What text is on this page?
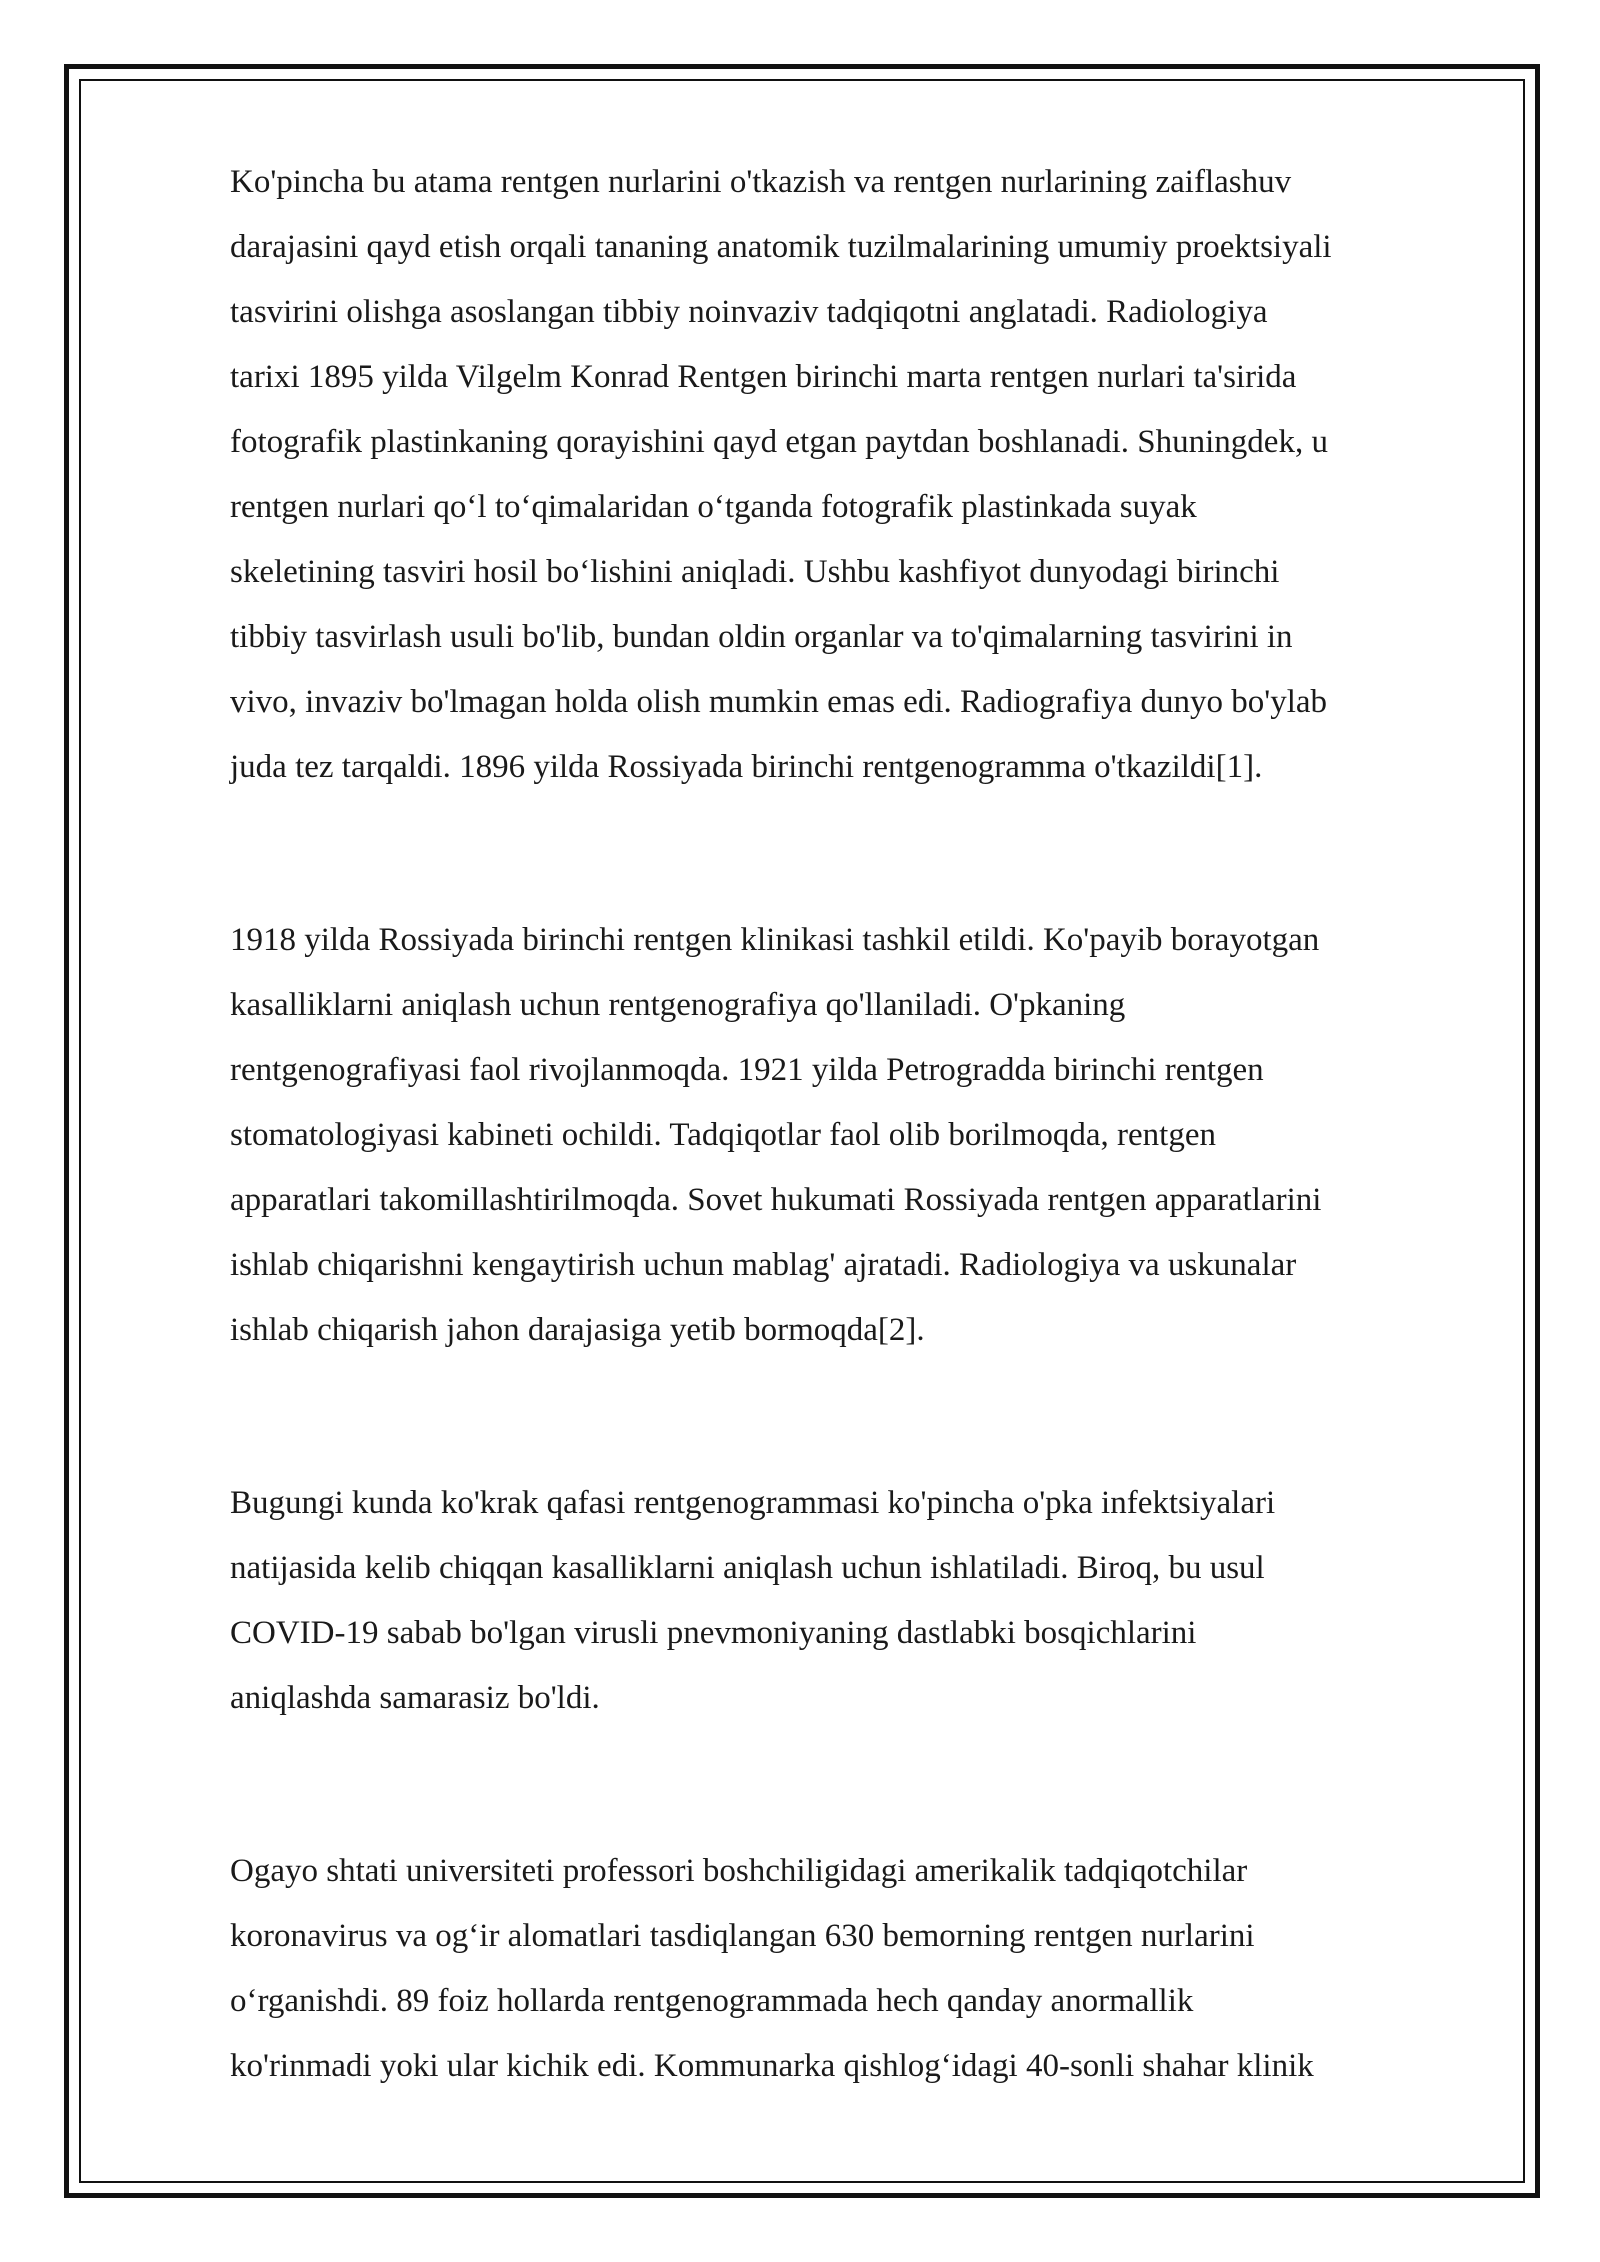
Ko'pincha bu atama rentgen nurlarini o'tkazish va rentgen nurlarining zaiflashuv
darajasini qayd etish orqali tananing anatomik tuzilmalarining umumiy proektsiyali
tasvirini olishga asoslangan tibbiy noinvaziv tadqiqotni anglatadi. Radiologiya
tarixi 1895 yilda Vilgelm Konrad Rentgen birinchi marta rentgen nurlari ta'sirida
fotografik plastinkaning qorayishini qayd etgan paytdan boshlanadi. Shuningdek, u
rentgen nurlari qoʻl toʻqimalaridan oʻtganda fotografik plastinkada suyak
skeletining tasviri hosil boʻlishini aniqladi. Ushbu kashfiyot dunyodagi birinchi
tibbiy tasvirlash usuli bo'lib, bundan oldin organlar va to'qimalarning tasvirini in
vivo, invaziv bo'lmagan holda olish mumkin emas edi. Radiografiya dunyo bo'ylab
juda tez tarqaldi. 1896 yilda Rossiyada birinchi rentgenogramma o'tkazildi[1].

1918 yilda Rossiyada birinchi rentgen klinikasi tashkil etildi. Ko'payib borayotgan
kasalliklarni aniqlash uchun rentgenografiya qo'llaniladi. O'pkaning
rentgenografiyasi faol rivojlanmoqda. 1921 yilda Petrogradda birinchi rentgen
stomatologiyasi kabineti ochildi. Tadqiqotlar faol olib borilmoqda, rentgen
apparatlari takomillashtirilmoqda. Sovet hukumati Rossiyada rentgen apparatlarini
ishlab chiqarishni kengaytirish uchun mablag' ajratadi. Radiologiya va uskunalar
ishlab chiqarish jahon darajasiga yetib bormoqda[2].

Bugungi kunda ko'krak qafasi rentgenogrammasi ko'pincha o'pka infektsiyalari
natijasida kelib chiqqan kasalliklarni aniqlash uchun ishlatiladi. Biroq, bu usul
COVID-19 sabab bo'lgan virusli pnevmoniyaning dastlabki bosqichlarini
aniqlashda samarasiz bo'ldi.

Ogayo shtati universiteti professori boshchiligidagi amerikalik tadqiqotchilar
koronavirus va ogʻir alomatlari tasdiqlangan 630 bemorning rentgen nurlarini
oʻrganishdi. 89 foiz hollarda rentgenogrammada hech qanday anormallik
ko'rinmadi yoki ular kichik edi. Kommunarka qishlogʻidagi 40-sonli shahar klinik
